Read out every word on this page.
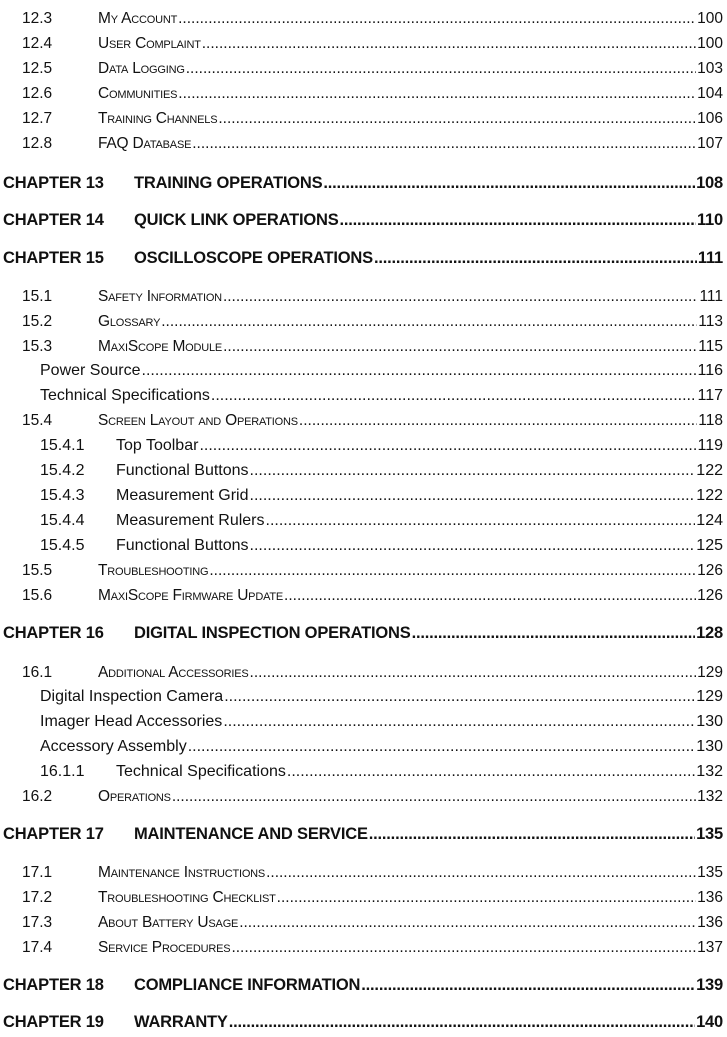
12.3	My Account .....	100
12.4	User Complaint .....	100
12.5	Data Logging .....	103
12.6	Communities .....	104
12.7	Training Channels .....	106
12.8	FAQ Database .....	107
CHAPTER 13	TRAINING OPERATIONS .....	108
CHAPTER 14	QUICK LINK OPERATIONS .....	110
CHAPTER 15	OSCILLOSCOPE OPERATIONS .....	111
15.1	Safety Information .....	111
15.2	Glossary .....	113
15.3	MaxiScope Module .....	115
Power Source .....	116
Technical Specifications .....	117
15.4	Screen Layout and Operations .....	118
15.4.1	Top Toolbar .....	119
15.4.2	Functional Buttons .....	122
15.4.3	Measurement Grid .....	122
15.4.4	Measurement Rulers .....	124
15.4.5	Functional Buttons .....	125
15.5	Troubleshooting .....	126
15.6	MaxiScope Firmware Update .....	126
CHAPTER 16	DIGITAL INSPECTION OPERATIONS .....	128
16.1	Additional Accessories .....	129
Digital Inspection Camera .....	129
Imager Head Accessories .....	130
Accessory Assembly .....	130
16.1.1	Technical Specifications .....	132
16.2	Operations .....	132
CHAPTER 17	MAINTENANCE AND SERVICE .....	135
17.1	Maintenance Instructions .....	135
17.2	Troubleshooting Checklist .....	136
17.3	About Battery Usage .....	136
17.4	Service Procedures .....	137
CHAPTER 18	COMPLIANCE INFORMATION .....	139
CHAPTER 19	WARRANTY .....	140
